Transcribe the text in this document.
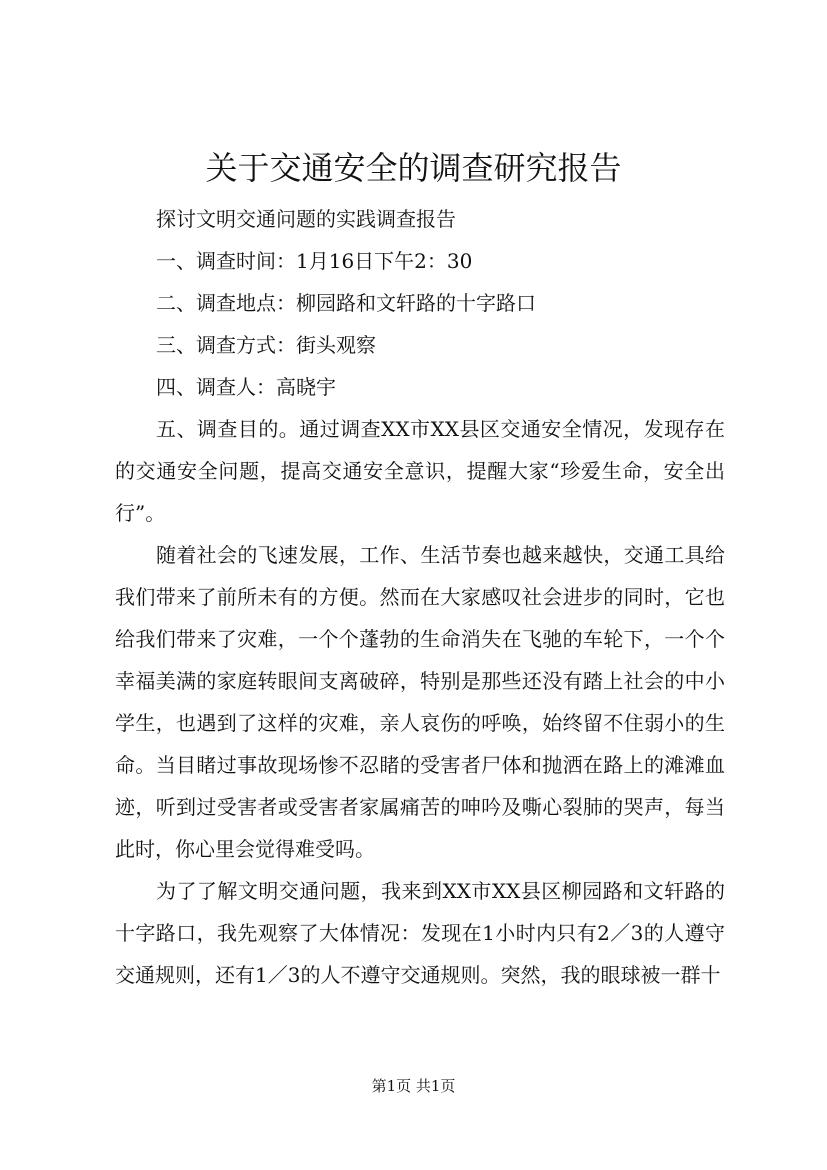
关于交通安全的调查研究报告

探讨文明交通问题的实践调查报告

一、调查时间：1月16日下午2：30

二、调查地点：柳园路和文轩路的十字路口

三、调查方式：街头观察

四、调查人：高晓宇

五、调查目的。通过调查XX市XX县区交通安全情况，发现存在的交通安全问题，提高交通安全意识，提醒大家“珍爱生命，安全出行”。

随着社会的飞速发展，工作、生活节奏也越来越快，交通工具给我们带来了前所未有的方便。然而在大家感叹社会进步的同时，它也给我们带来了灾难，一个个蓬勃的生命消失在飞驰的车轮下，一个个幸福美满的家庭转眼间支离破碎，特别是那些还没有踏上社会的中小学生，也遇到了这样的灾难，亲人哀伤的呼唤，始终留不住弱小的生命。当目睹过事故现场惨不忍睹的受害者尸体和抛洒在路上的滩滩血迹，听到过受害者或受害者家属痛苦的呻吟及嘶心裂肺的哭声，每当此时，你心里会觉得难受吗。

为了了解文明交通问题，我来到XX市XX县区柳园路和文轩路的十字路口，我先观察了大体情况：发现在1小时内只有2／3的人遵守交通规则，还有1／3的人不遵守交通规则。突然，我的眼球被一群十

第1页 共1页
